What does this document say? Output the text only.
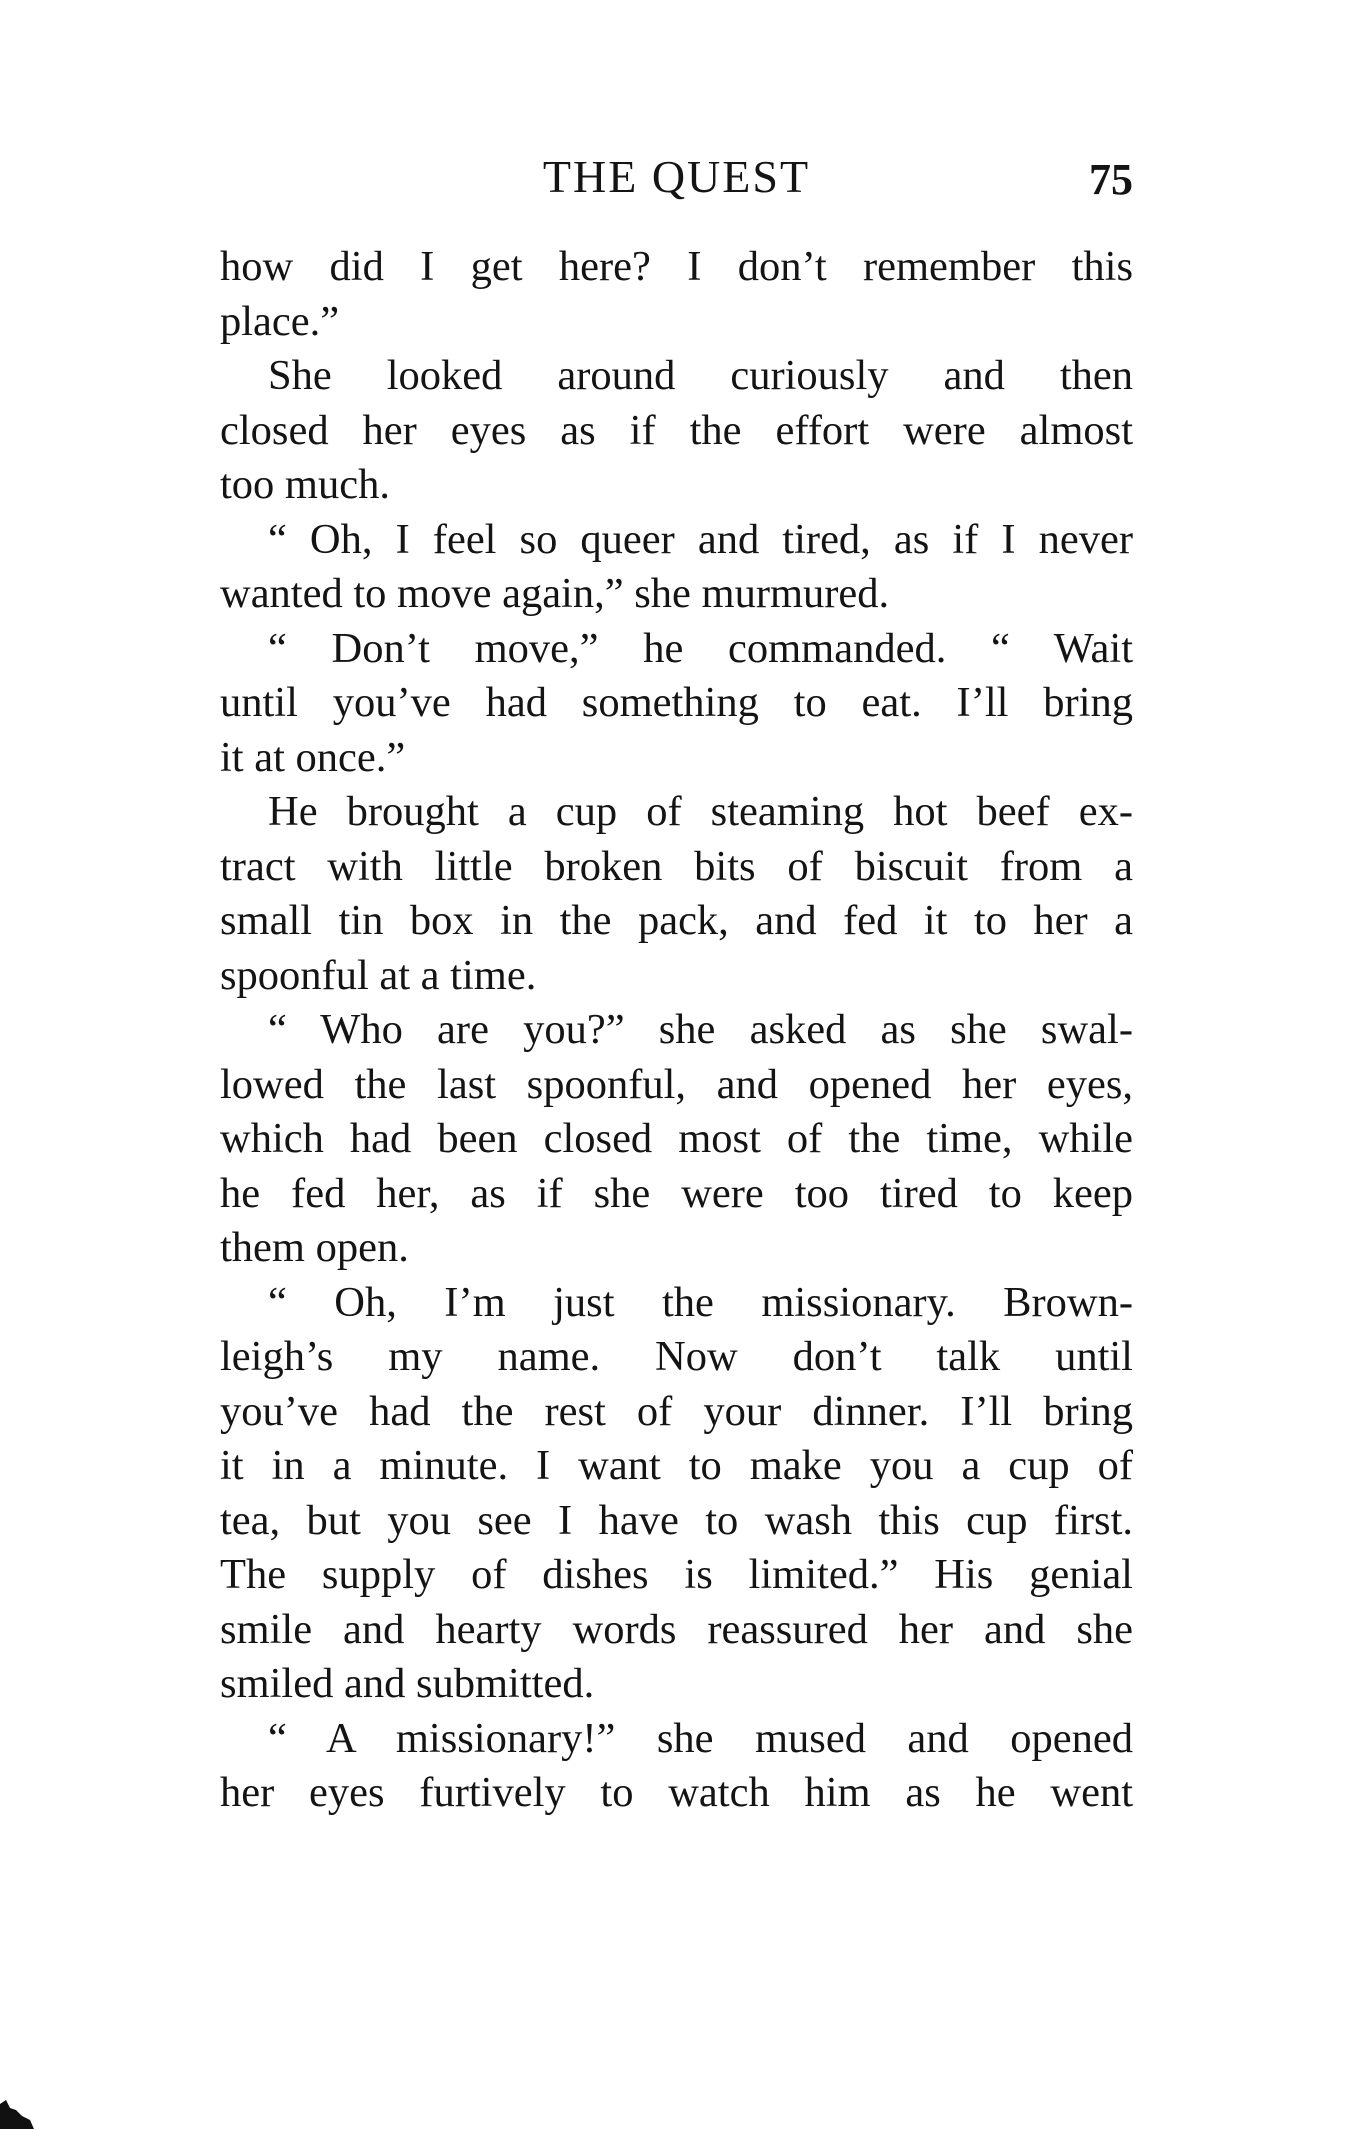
THE QUEST	75
how did I get here? I don’t remember this
place.”
She looked around curiously and then
closed her eyes as if the effort were almost
too much.
“ Oh, I feel so queer and tired, as if I never
wanted to move again,” she murmured.
“ Don’t move,” he commanded. “ Wait
until you’ve had something to eat. I’ll bring
it at once.”
He brought a cup of steaming hot beef ex-
tract with little broken bits of biscuit from a
small tin box in the pack, and fed it to her a
spoonful at a time.
“ Who are you?” she asked as she swal-
lowed the last spoonful, and opened her eyes,
which had been closed most of the time, while
he fed her, as if she were too tired to keep
them open.
“ Oh, I’m just the missionary. Brown-
leigh’s my name. Now don’t talk until
you’ve had the rest of your dinner. I’ll bring
it in a minute. I want to make you a cup of
tea, but you see I have to wash this cup first.
The supply of dishes is limited.” His genial
smile and hearty words reassured her and she
smiled and submitted.
“ A missionary!” she mused and opened
her eyes furtively to watch him as he went
